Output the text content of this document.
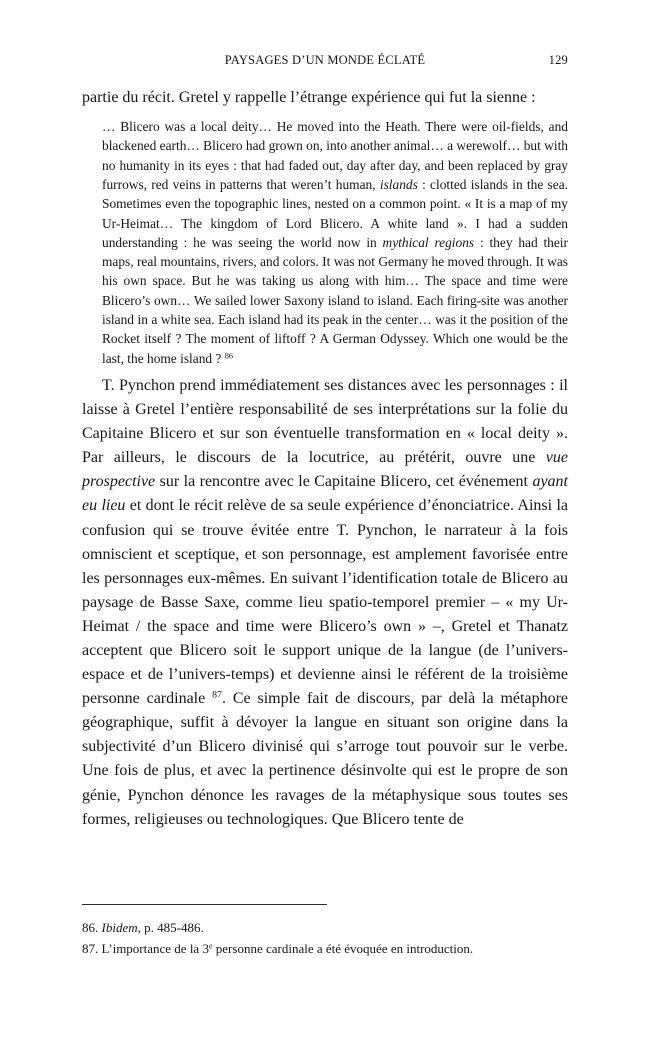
PAYSAGES D’UN MONDE ÉCLATÉ	129

partie du récit. Gretel y rappelle l’étrange expérience qui fut la sienne :

… Blicero was a local deity… He moved into the Heath. There were oil-fields, and blackened earth… Blicero had grown on, into another animal… a werewolf… but with no humanity in its eyes : that had faded out, day after day, and been replaced by gray furrows, red veins in patterns that weren’t human, islands : clotted islands in the sea. Sometimes even the topographic lines, nested on a common point. « It is a map of my Ur-Heimat… The kingdom of Lord Blicero. A white land ». I had a sudden understanding : he was seeing the world now in mythical regions : they had their maps, real mountains, rivers, and colors. It was not Germany he moved through. It was his own space. But he was taking us along with him… The space and time were Blicero’s own… We sailed lower Saxony island to island. Each firing-site was another island in a white sea. Each island had its peak in the center… was it the position of the Rocket itself ? The moment of liftoff ? A German Odyssey. Which one would be the last, the home island ? $^{86}$

T. Pynchon prend immédiatement ses distances avec les personnages : il laisse à Gretel l’entière responsabilité de ses interprétations sur la folie du Capitaine Blicero et sur son éventuelle transformation en « local deity ». Par ailleurs, le discours de la locutrice, au prétérit, ouvre une vue prospective sur la rencontre avec le Capitaine Blicero, cet événement ayant eu lieu et dont le récit relève de sa seule expérience d’énonciatrice. Ainsi la confusion qui se trouve évitée entre T. Pynchon, le narrateur à la fois omniscient et sceptique, et son personnage, est amplement favorisée entre les personnages eux-mêmes. En suivant l’identification totale de Blicero au paysage de Basse Saxe, comme lieu spatio-temporel premier – « my Ur-Heimat / the space and time were Blicero’s own » –, Gretel et Thanatz acceptent que Blicero soit le support unique de la langue (de l’univers-espace et de l’univers-temps) et devienne ainsi le référent de la troisième personne cardinale $^{87}$. Ce simple fait de discours, par delà la métaphore géographique, suffit à dévoyer la langue en situant son origine dans la subjectivité d’un Blicero divinisé qui s’arroge tout pouvoir sur le verbe. Une fois de plus, et avec la pertinence désinvolte qui est le propre de son génie, Pynchon dénonce les ravages de la métaphysique sous toutes ses formes, religieuses ou technologiques. Que Blicero tente de

86. Ibidem, p. 485-486.

87. L’importance de la 3e personne cardinale a été évoquée en introduction.
